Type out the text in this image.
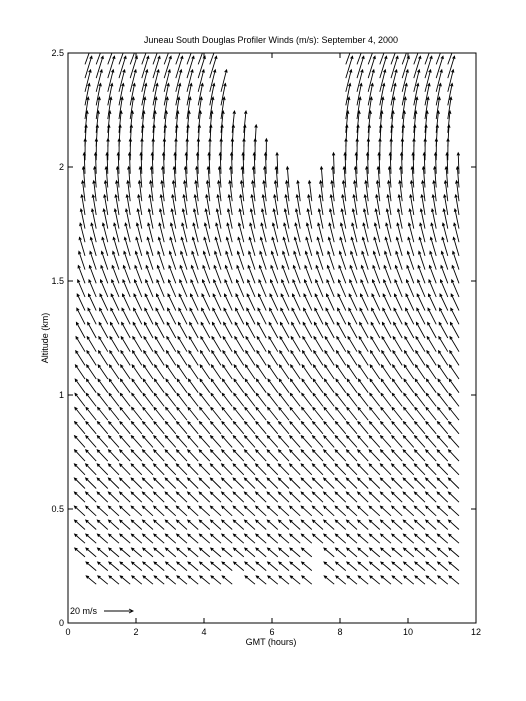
Juneau South Douglas Profiler Winds (m/s): September 4, 2000
0	2	4	6	8	10	12
0
0.5
1
1.5
2
2.5
GMT (hours)
Altitude (km)
20 m/s
